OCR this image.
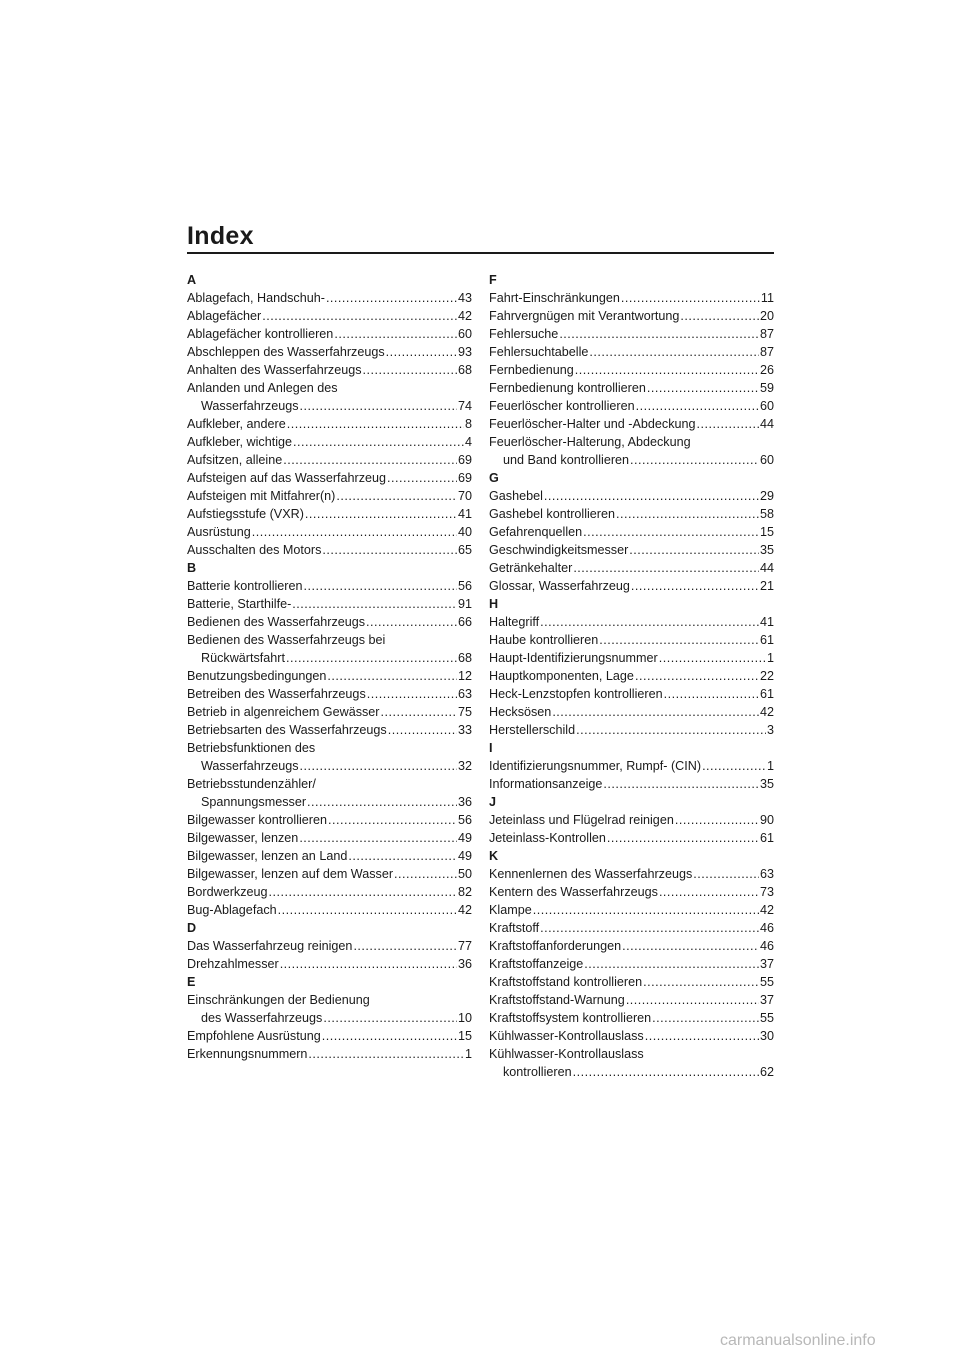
Index
A
Ablagefach, Handschuh- .....	43
Ablagefächer .....	42
Ablagefächer kontrollieren .....	60
Abschleppen des Wasserfahrzeugs .....	93
Anhalten des Wasserfahrzeugs .....	68
Anlanden und Anlegen des
Wasserfahrzeugs .....	74
Aufkleber, andere .....	8
Aufkleber, wichtige .....	4
Aufsitzen, alleine .....	69
Aufsteigen auf das Wasserfahrzeug .....	69
Aufsteigen mit Mitfahrer(n) .....	70
Aufstiegsstufe (VXR) .....	41
Ausrüstung .....	40
Ausschalten des Motors .....	65
B
Batterie kontrollieren .....	56
Batterie, Starthilfe- .....	91
Bedienen des Wasserfahrzeugs .....	66
Bedienen des Wasserfahrzeugs bei
Rückwärtsfahrt .....	68
Benutzungsbedingungen .....	12
Betreiben des Wasserfahrzeugs .....	63
Betrieb in algenreichem Gewässer .....	75
Betriebsarten des Wasserfahrzeugs .....	33
Betriebsfunktionen des
Wasserfahrzeugs .....	32
Betriebsstundenzähler/
Spannungsmesser .....	36
Bilgewasser kontrollieren .....	56
Bilgewasser, lenzen .....	49
Bilgewasser, lenzen an Land .....	49
Bilgewasser, lenzen auf dem Wasser .....	50
Bordwerkzeug .....	82
Bug-Ablagefach .....	42
D
Das Wasserfahrzeug reinigen .....	77
Drehzahlmesser .....	36
E
Einschränkungen der Bedienung
des Wasserfahrzeugs .....	10
Empfohlene Ausrüstung .....	15
Erkennungsnummern .....	1
F
Fahrt-Einschränkungen .....	11
Fahrvergnügen mit Verantwortung .....	20
Fehlersuche .....	87
Fehlersuchtabelle .....	87
Fernbedienung .....	26
Fernbedienung kontrollieren .....	59
Feuerlöscher kontrollieren .....	60
Feuerlöscher-Halter und -Abdeckung .....	44
Feuerlöscher-Halterung, Abdeckung
und Band kontrollieren .....	60
G
Gashebel .....	29
Gashebel kontrollieren .....	58
Gefahrenquellen .....	15
Geschwindigkeitsmesser .....	35
Getränkehalter .....	44
Glossar, Wasserfahrzeug .....	21
H
Haltegriff .....	41
Haube kontrollieren .....	61
Haupt-Identifizierungsnummer .....	1
Hauptkomponenten, Lage .....	22
Heck-Lenzstopfen kontrollieren .....	61
Hecksösen .....	42
Herstellerschild .....	3
I
Identifizierungsnummer, Rumpf- (CIN) .....	1
Informationsanzeige .....	35
J
Jeteinlass und Flügelrad reinigen .....	90
Jeteinlass-Kontrollen .....	61
K
Kennenlernen des Wasserfahrzeugs .....	63
Kentern des Wasserfahrzeugs .....	73
Klampe .....	42
Kraftstoff .....	46
Kraftstoffanforderungen .....	46
Kraftstoffanzeige .....	37
Kraftstoffstand kontrollieren .....	55
Kraftstoffstand-Warnung .....	37
Kraftstoffsystem kontrollieren .....	55
Kühlwasser-Kontrollauslass .....	30
Kühlwasser-Kontrollauslass
kontrollieren .....	62
carmanualsonline.info
